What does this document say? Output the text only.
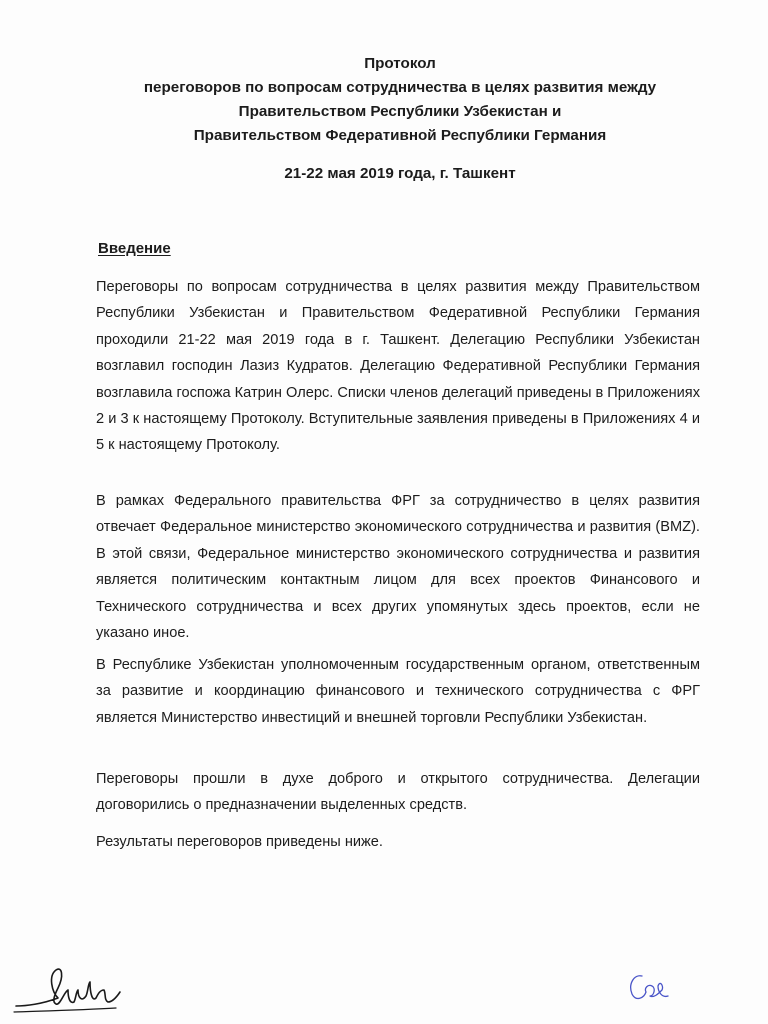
Протокол
переговоров по вопросам сотрудничества в целях развития между
Правительством Республики Узбекистан и
Правительством Федеративной Республики Германия
21-22 мая 2019 года, г. Ташкент
Введение

Переговоры по вопросам сотрудничества в целях развития между Правительством Республики Узбекистан и Правительством Федеративной Республики Германия проходили 21-22 мая 2019 года в г. Ташкент. Делегацию Республики Узбекистан возглавил господин Лазиз Кудратов. Делегацию Федеративной Республики Германия возглавила госпожа Катрин Олерс. Списки членов делегаций приведены в Приложениях 2 и 3 к настоящему Протоколу. Вступительные заявления приведены в Приложениях 4 и 5 к настоящему Протоколу.

В рамках Федерального правительства ФРГ за сотрудничество в целях развития отвечает Федеральное министерство экономического сотрудничества и развития (BMZ). В этой связи, Федеральное министерство экономического сотрудничества и развития является политическим контактным лицом для всех проектов Финансового и Технического сотрудничества и всех других упомянутых здесь проектов, если не указано иное.

В Республике Узбекистан уполномоченным государственным органом, ответственным за развитие и координацию финансового и технического сотрудничества с ФРГ является Министерство инвестиций и внешней торговли Республики Узбекистан.

Переговоры прошли в духе доброго и открытого сотрудничества. Делегации договорились о предназначении выделенных средств.

Результаты переговоров приведены ниже.
